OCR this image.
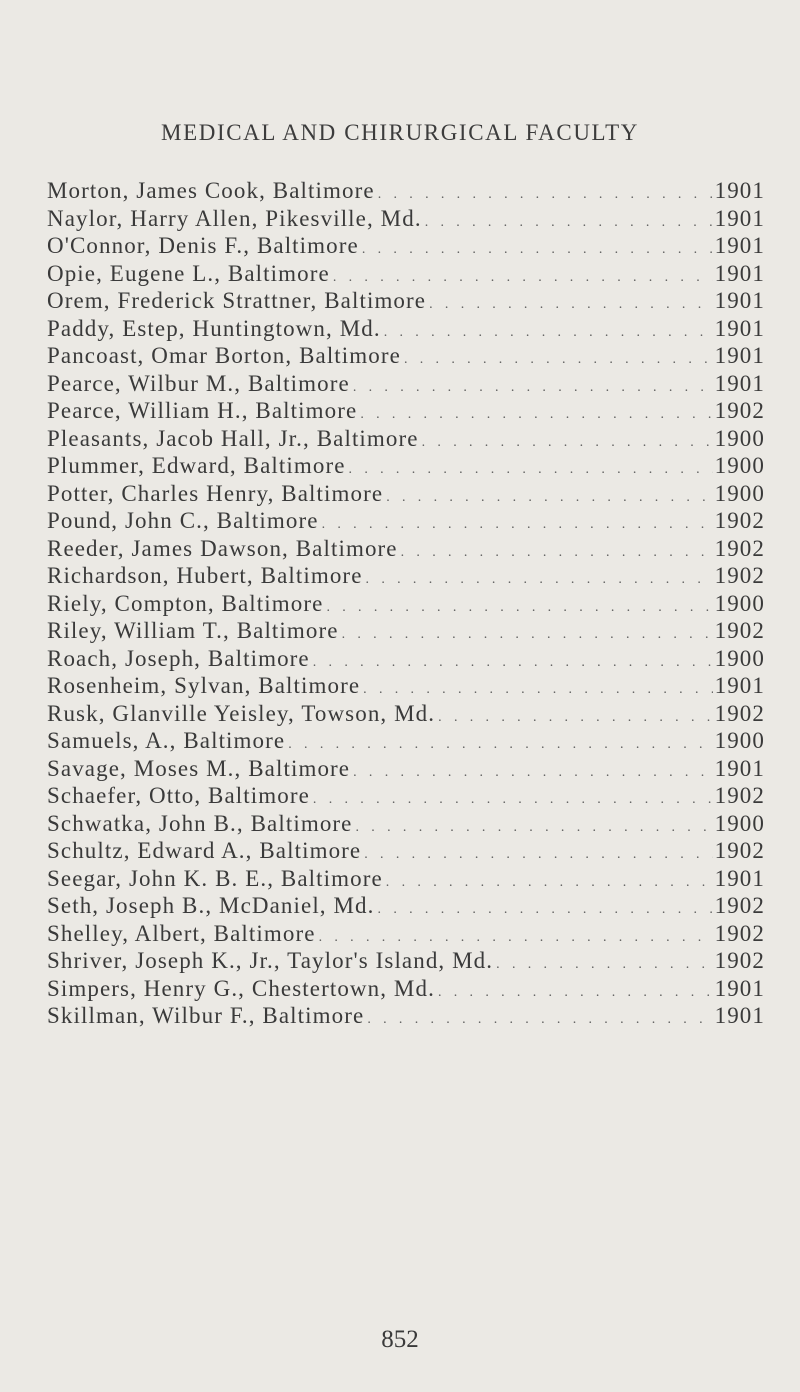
MEDICAL AND CHIRURGICAL FACULTY
Morton, James Cook, Baltimore . . .	1901
Naylor, Harry Allen, Pikesville, Md. . . .	1901
O'Connor, Denis F., Baltimore . . .	1901
Opie, Eugene L., Baltimore . . .	1901
Orem, Frederick Strattner, Baltimore . . .	1901
Paddy, Estep, Huntingtown, Md. . . .	1901
Pancoast, Omar Borton, Baltimore . . .	1901
Pearce, Wilbur M., Baltimore . . .	1901
Pearce, William H., Baltimore . . .	1902
Pleasants, Jacob Hall, Jr., Baltimore . . .	1900
Plummer, Edward, Baltimore . . .	1900
Potter, Charles Henry, Baltimore . . .	1900
Pound, John C., Baltimore . . .	1902
Reeder, James Dawson, Baltimore . . .	1902
Richardson, Hubert, Baltimore . . .	1902
Riely, Compton, Baltimore . . .	1900
Riley, William T., Baltimore . . .	1902
Roach, Joseph, Baltimore . . .	1900
Rosenheim, Sylvan, Baltimore . . .	1901
Rusk, Glanville Yeisley, Towson, Md. . . .	1902
Samuels, A., Baltimore . . .	1900
Savage, Moses M., Baltimore . . .	1901
Schaefer, Otto, Baltimore . . .	1902
Schwatka, John B., Baltimore . . .	1900
Schultz, Edward A., Baltimore . . .	1902
Seegar, John K. B. E., Baltimore . . .	1901
Seth, Joseph B., McDaniel, Md. . . .	1902
Shelley, Albert, Baltimore . . .	1902
Shriver, Joseph K., Jr., Taylor's Island, Md. . . .	1902
Simpers, Henry G., Chestertown, Md. . . .	1901
Skillman, Wilbur F., Baltimore . . .	1901
852
